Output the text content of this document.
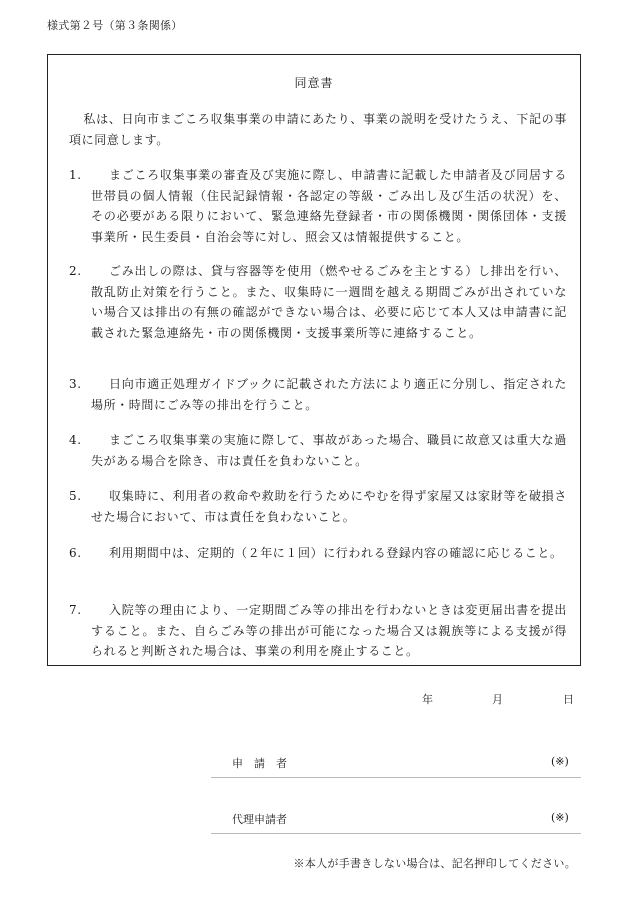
様式第２号（第３条関係）
同意書
私は、日向市まごころ収集事業の申請にあたり、事業の説明を受けたうえ、下記の事項に同意します。
1.	まごころ収集事業の審査及び実施に際し、申請書に記載した申請者及び同居する世帯員の個人情報（住民記録情報・各認定の等級・ごみ出し及び生活の状況）を、その必要がある限りにおいて、緊急連絡先登録者・市の関係機関・関係団体・支援事業所・民生委員・自治会等に対し、照会又は情報提供すること。
2.	ごみ出しの際は、貸与容器等を使用（燃やせるごみを主とする）し排出を行い、散乱防止対策を行うこと。また、収集時に一週間を越える期間ごみが出されていない場合又は排出の有無の確認ができない場合は、必要に応じて本人又は申請書に記載された緊急連絡先・市の関係機関・支援事業所等に連絡すること。
3.	日向市適正処理ガイドブックに記載された方法により適正に分別し、指定された場所・時間にごみ等の排出を行うこと。
4.	まごころ収集事業の実施に際して、事故があった場合、職員に故意又は重大な過失がある場合を除き、市は責任を負わないこと。
5.	収集時に、利用者の救命や救助を行うためにやむを得ず家屋又は家財等を破損させた場合において、市は責任を負わないこと。
6.	利用期間中は、定期的（２年に１回）に行われる登録内容の確認に応じること。
7.	入院等の理由により、一定期間ごみ等の排出を行わないときは変更届出書を提出すること。また、自らごみ等の排出が可能になった場合又は親族等による支援が得られると判断された場合は、事業の利用を廃止すること。
年	月	日
申　請　者	(※)
代理申請者	(※)
※本人が手書きしない場合は、記名押印してください。
